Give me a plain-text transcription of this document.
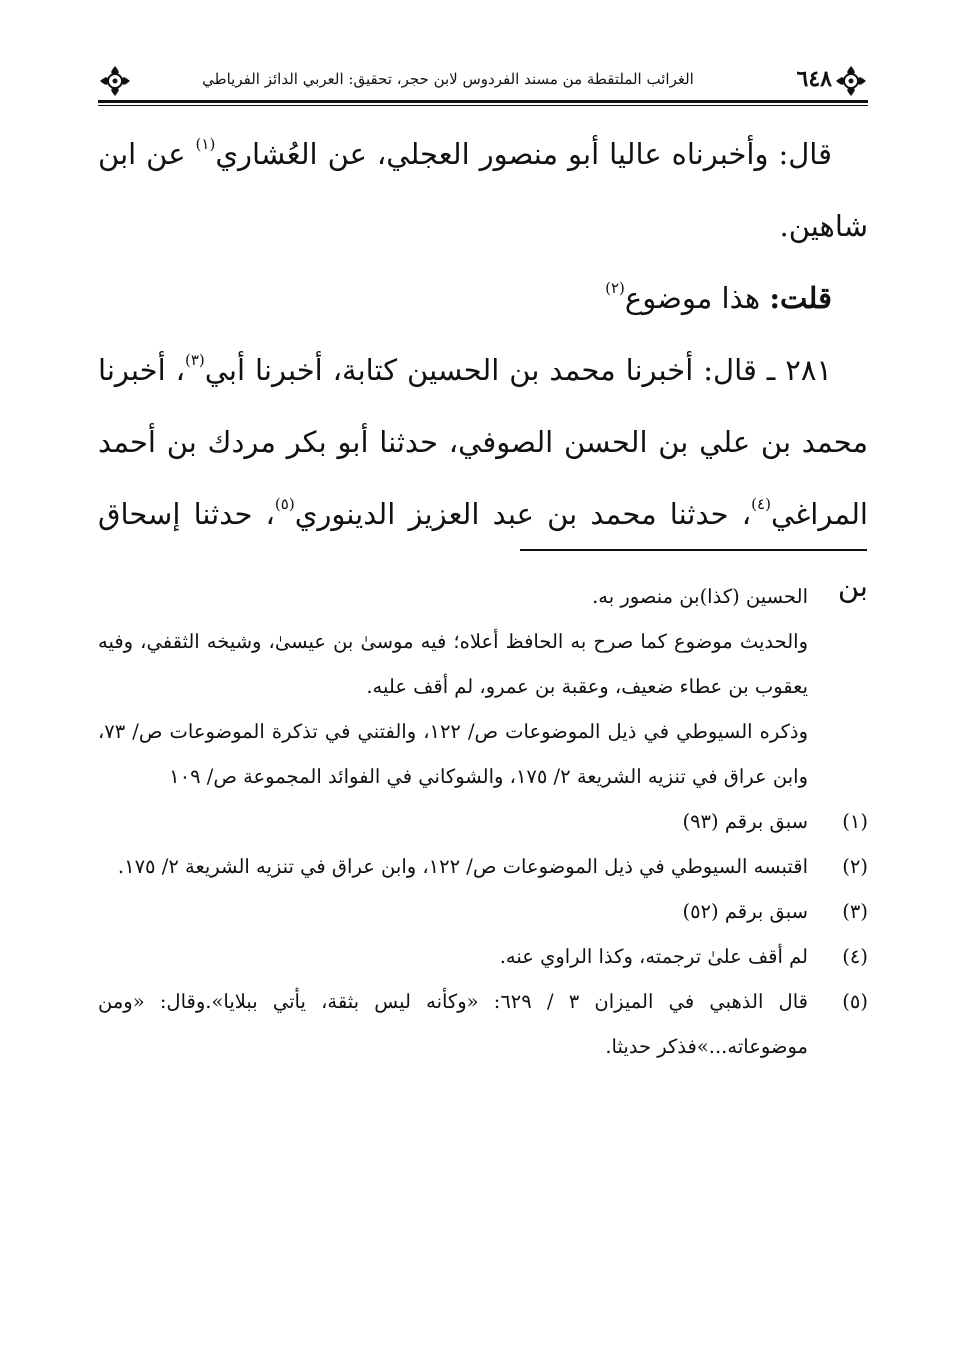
٦٤٨
الغرائب الملتقطة من مسند الفردوس لابن حجر، تحقيق: العربي الدائز الفرياطي

قال: وأخبرناه عاليا أبو منصور العجلي، عن العُشاري$^{(١)}$ عن ابن شاهين.

قلت: هذا موضوع$^{(٢)}$

٢٨١ ـ قال: أخبرنا محمد بن الحسين كتابة، أخبرنا أبي$^{(٣)}$، أخبرنا محمد بن علي بن الحسن الصوفي، حدثنا أبو بكر مردك بن أحمد المراغي$^{(٤)}$، حدثنا محمد بن عبد العزيز الدينوري$^{(٥)}$، حدثنا إسحاق بن

الحسين (كذا)بن منصور به.

والحديث موضوع كما صرح به الحافظ أعلاه؛ فيه موسىٰ بن عيسىٰ، وشيخه الثقفي، وفيه يعقوب بن عطاء ضعيف، وعقبة بن عمرو، لم أقف عليه.

وذكره السيوطي في ذيل الموضوعات ص/ ١٢٢، والفتني في تذكرة الموضوعات ص/ ٧٣، وابن عراق في تنزيه الشريعة ٢/ ١٧٥، والشوكاني في الفوائد المجموعة ص/ ١٠٩

(١)
سبق برقم (٩٣)
(٢)
اقتبسه السيوطي في ذيل الموضوعات ص/ ١٢٢، وابن عراق في تنزيه الشريعة ٢/ ١٧٥.
(٣)
سبق برقم (٥٢)
(٤)
لم أقف علىٰ ترجمته، وكذا الراوي عنه.
(٥)
قال الذهبي في الميزان ٣ / ٦٢٩: «وكأنه ليس بثقة، يأتي ببلايا».وقال: «ومن موضوعاته...»فذكر حديثا.
